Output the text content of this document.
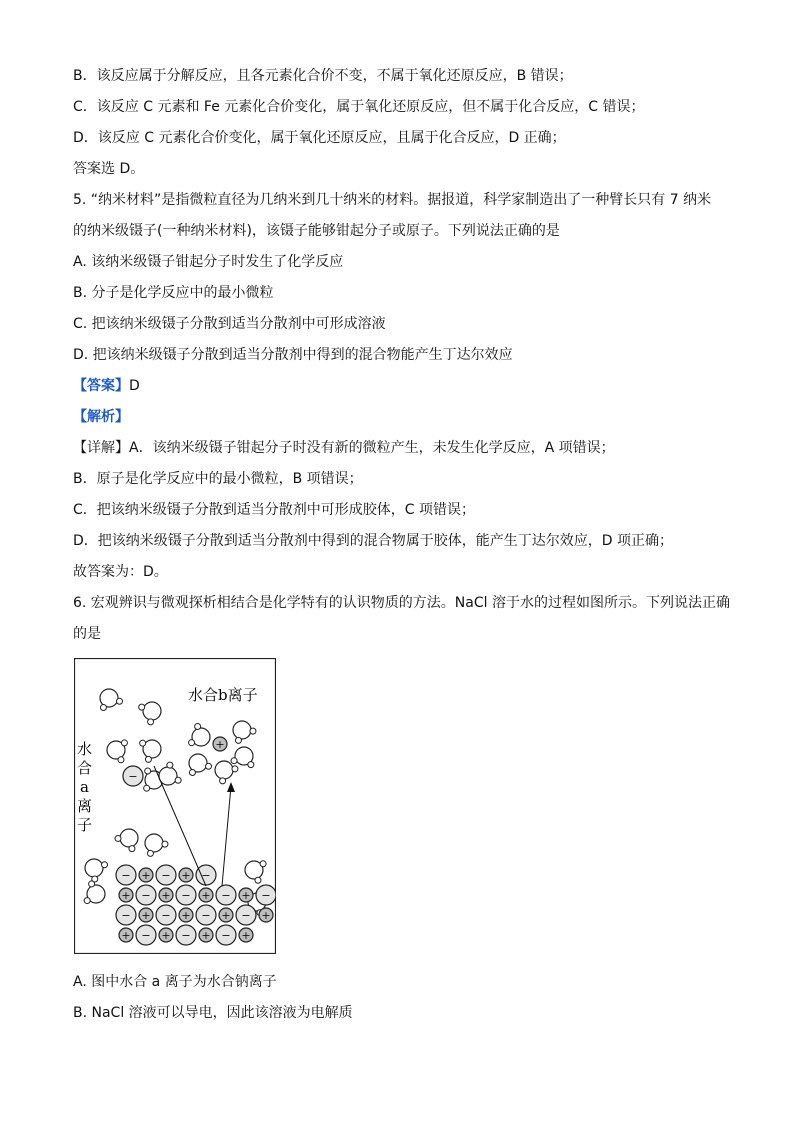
B．该反应属于分解反应，且各元素化合价不变，不属于氧化还原反应，B 错误；
C．该反应 C 元素和 Fe 元素化合价变化，属于氧化还原反应，但不属于化合反应，C 错误；
D．该反应 C 元素化合价变化，属于氧化还原反应，且属于化合反应，D 正确；
答案选 D。
5. “纳米材料”是指微粒直径为几纳米到几十纳米的材料。据报道，科学家制造出了一种臂长只有 7 纳米
的纳米级镊子(一种纳米材料)，该镊子能够钳起分子或原子。下列说法正确的是
A. 该纳米级镊子钳起分子时发生了化学反应
B. 分子是化学反应中的最小微粒
C. 把该纳米级镊子分散到适当分散剂中可形成溶液
D. 把该纳米级镊子分散到适当分散剂中得到的混合物能产生丁达尔效应
【答案】D
【解析】
【详解】A．该纳米级镊子钳起分子时没有新的微粒产生，未发生化学反应，A 项错误；
B．原子是化学反应中的最小微粒，B 项错误；
C．把该纳米级镊子分散到适当分散剂中可形成胶体，C 项错误；
D．把该纳米级镊子分散到适当分散剂中得到的混合物属于胶体，能产生丁达尔效应，D 项正确；
故答案为：D。
6. 宏观辨识与微观探析相结合是化学特有的认识物质的方法。NaCl 溶于水的过程如图所示。下列说法正确
的是
− + − + −
+ − + − + − + −
− + − + − + − +
+ − + − + − +
−
+
水合b离子
水
合
a
离
子
A. 图中水合 a 离子为水合钠离子
B. NaCl 溶液可以导电，因此该溶液为电解质
